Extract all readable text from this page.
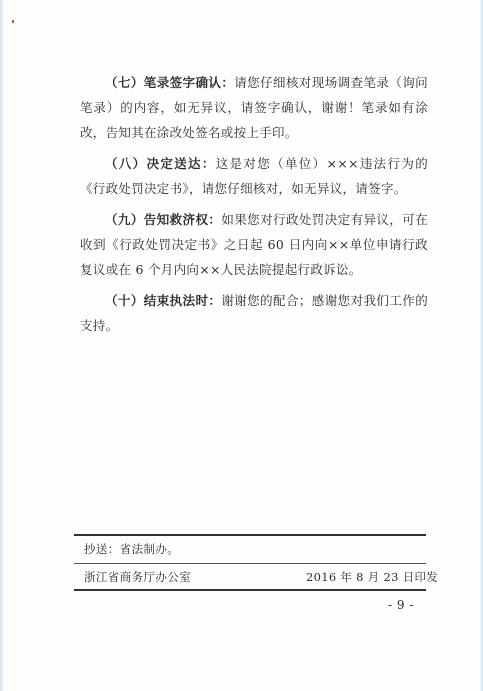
（七）笔录签字确认：请您仔细核对现场调查笔录（询问笔录）的内容，如无异议，请签字确认，谢谢！笔录如有涂改，告知其在涂改处签名或按上手印。

（八）决定送达：这是对您（单位）×××违法行为的《行政处罚决定书》，请您仔细核对，如无异议，请签字。

（九）告知救济权：如果您对行政处罚决定有异议，可在收到《行政处罚决定书》之日起 60 日内向××单位申请行政复议或在 6 个月内向××人民法院提起行政诉讼。

（十）结束执法时：谢谢您的配合；感谢您对我们工作的支持。

抄送：省法制办。
浙江省商务厅办公室	2016 年 8 月 23 日印发
- 9 -
